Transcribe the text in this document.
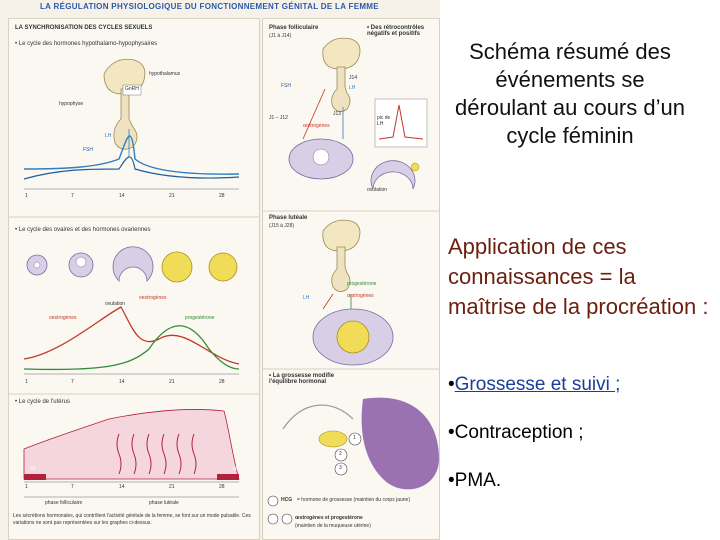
LA RÉGULATION PHYSIOLOGIQUE DU FONCTIONNEMENT GÉNITAL DE LA FEMME
LA SYNCHRONISATION DES CYCLES SEXUELS
• Le cycle des hormones hypothalamo-hypophysaires
hypothalamus
GnRH
hypophyse
LH
FSH
1	7	14	21	28
• Le cycle des ovaires et des hormones ovariennes
ovulation
oestrogènes
oestrogènes	progestérone
1	7	14	21	28
• Le cycle de l'utérus
M	M
1	7	14	21	28
phase folliculaire	phase lutéale
Les sécrétions hormonales, qui contrôlent l'activité génitale de la femme, se font sur un mode pulsatile. Ces variations ne sont pas représentées sur les graphes ci-dessus.
Phase folliculaire
(J1 à J14)
• Des rétrocontrôles négatifs et positifs
FSH	LH
J14
J1 – J12
J13
œstrogènes
pic de LH
ovulation
Phase lutéale
(J15 à J28)
progestérone
œstrogènes
LH
• La grossesse modifie l'équilibre hormonal
1
2
3
HCG = hormone de grossesse (maintien du corps jaune)
œstrogènes et progestérone
(maintien de la muqueuse utérine)
Schéma résumé des événements se déroulant au cours d’un cycle féminin
Application de ces connaissances = la maîtrise de la procréation :
•Grossesse et suivi ;
•Contraception ;
•PMA.
